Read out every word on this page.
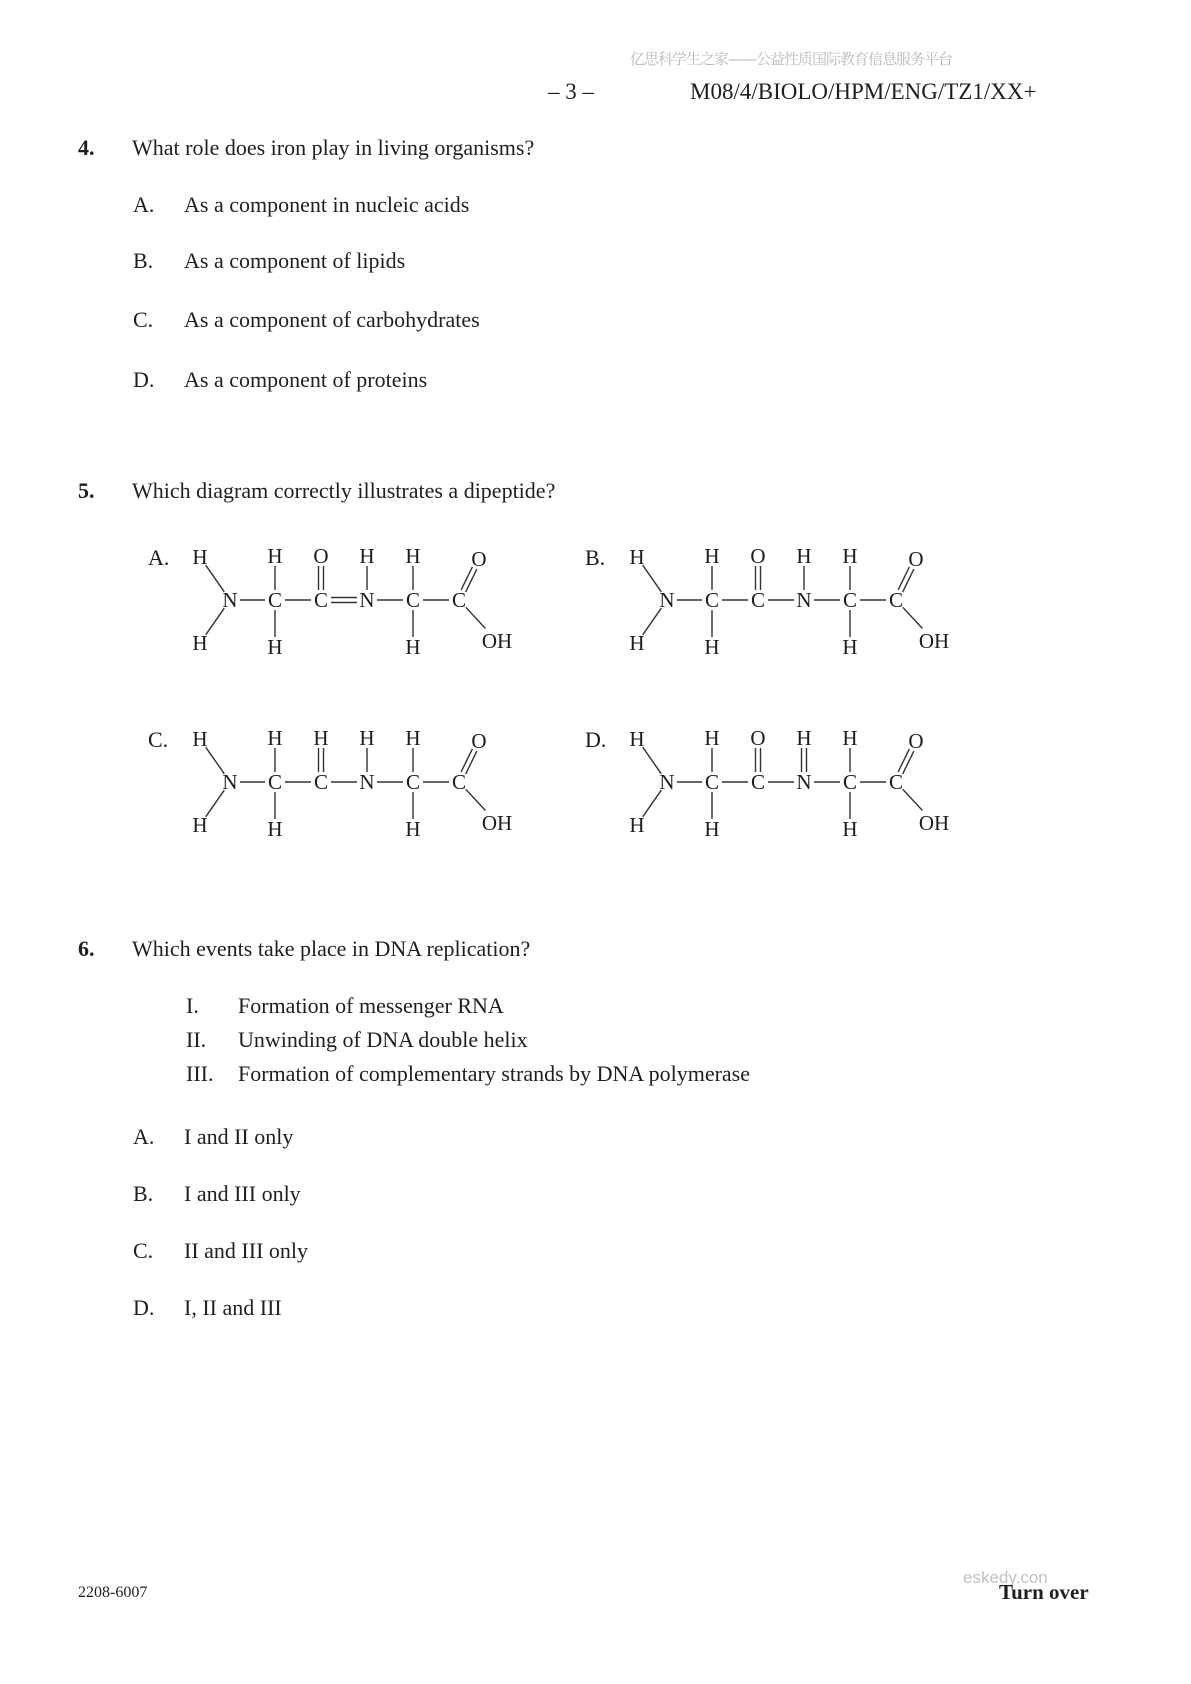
亿思科学生之家——公益性质国际教育信息服务平台
– 3 –	M08/4/BIOLO/HPM/ENG/TZ1/XX+
4. What role does iron play in living organisms?
A. As a component in nucleic acids
B. As a component of lipids
C. As a component of carbohydrates
D. As a component of proteins
5. Which diagram correctly illustrates a dipeptide?
H
N
H
C
H
H
C
O
N
H
C
H
H
C
O
OH
A.	H
N
H
C
H
H
C
O
N
H
C
H
H
C
O
OH
B.
H
N
H
C
H
H
C
H
N
H
C
H
H
C
O
OH
C.	H
N
H
C
H
H
C
O
N
H
C
H
H
C
O
OH
D.
6. Which events take place in DNA replication?
I. Formation of messenger RNA
II. Unwinding of DNA double helix
III. Formation of complementary strands by DNA polymerase
A. I and II only
B. I and III only
C. II and III only
D. I, II and III
2208-6007
eskedy.con
Turn over
